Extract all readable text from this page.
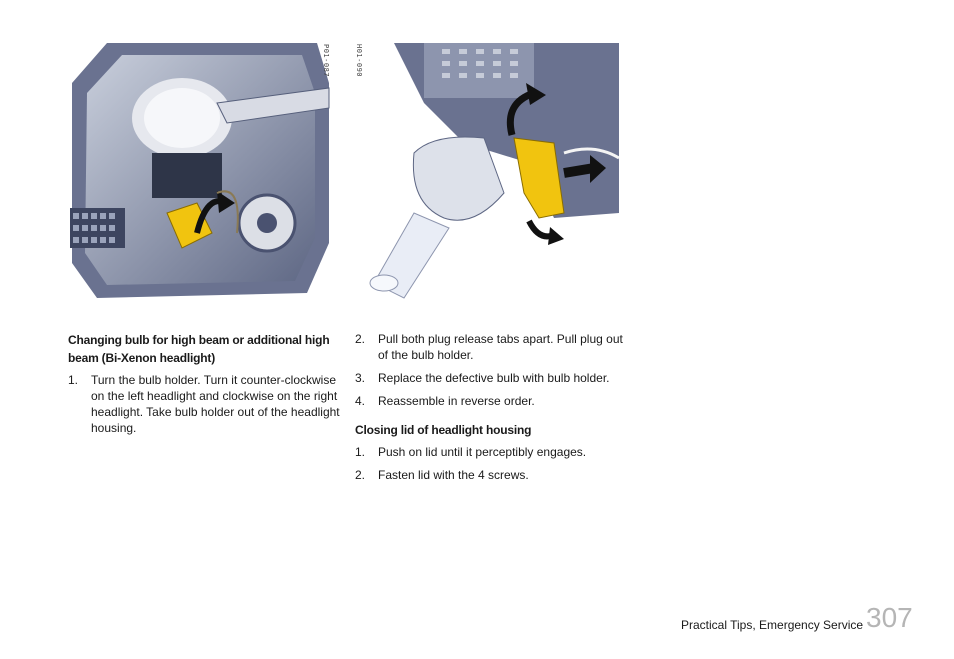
P01-087	H01-090
Changing bulb for high beam or additional high beam (Bi-Xenon headlight)
1. Turn the bulb holder. Turn it counter-clockwise on the left headlight and clockwise on the right headlight. Take bulb holder out of the headlight housing.
2. Pull both plug release tabs apart. Pull plug out of the bulb holder.
3. Replace the defective bulb with bulb holder.
4. Reassemble in reverse order.
Closing lid of headlight housing
1. Push on lid until it perceptibly engages.
2. Fasten lid with the 4 screws.
Practical Tips, Emergency Service 307
